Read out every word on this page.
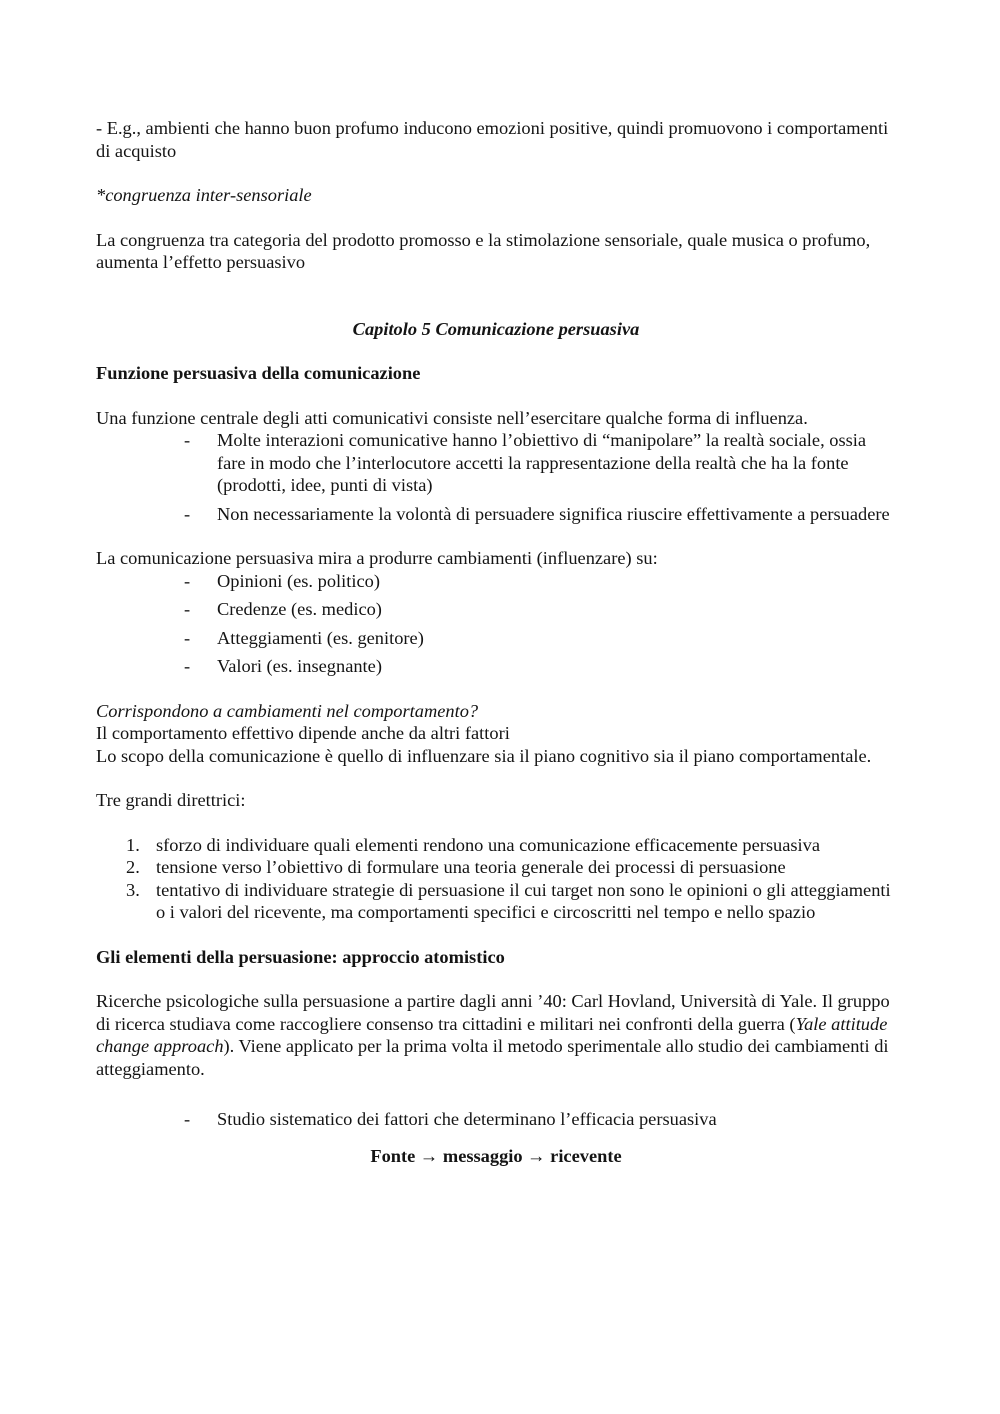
- E.g., ambienti che hanno buon profumo inducono emozioni positive, quindi promuovono i comportamenti di acquisto

*congruenza inter-sensoriale

La congruenza tra categoria del prodotto promosso e la stimolazione sensoriale, quale musica o profumo, aumenta l’effetto persuasivo

Capitolo 5 Comunicazione persuasiva

Funzione persuasiva della comunicazione

Una funzione centrale degli atti comunicativi consiste nell’esercitare qualche forma di influenza.

- Molte interazioni comunicative hanno l’obiettivo di “manipolare” la realtà sociale, ossia fare in modo che l’interlocutore accetti la rappresentazione della realtà che ha la fonte (prodotti, idee, punti di vista)
- Non necessariamente la volontà di persuadere significa riuscire effettivamente a persuadere

La comunicazione persuasiva mira a produrre cambiamenti (influenzare) su:

- Opinioni (es. politico)
- Credenze (es. medico)
- Atteggiamenti (es. genitore)
- Valori (es. insegnante)

Corrispondono a cambiamenti nel comportamento?

Il comportamento effettivo dipende anche da altri fattori

Lo scopo della comunicazione è quello di influenzare sia il piano cognitivo sia il piano comportamentale.

Tre grandi direttrici:

1. sforzo di individuare quali elementi rendono una comunicazione efficacemente persuasiva
2. tensione verso l’obiettivo di formulare una teoria generale dei processi di persuasione
3. tentativo di individuare strategie di persuasione il cui target non sono le opinioni o gli atteggiamenti o i valori del ricevente, ma comportamenti specifici e circoscritti nel tempo e nello spazio

Gli elementi della persuasione: approccio atomistico

Ricerche psicologiche sulla persuasione a partire dagli anni ’40: Carl Hovland, Università di Yale. Il gruppo di ricerca studiava come raccogliere consenso tra cittadini e militari nei confronti della guerra (Yale attitude change approach). Viene applicato per la prima volta il metodo sperimentale allo studio dei cambiamenti di atteggiamento.

- Studio sistematico dei fattori che determinano l’efficacia persuasiva

Fonte → messaggio → ricevente
